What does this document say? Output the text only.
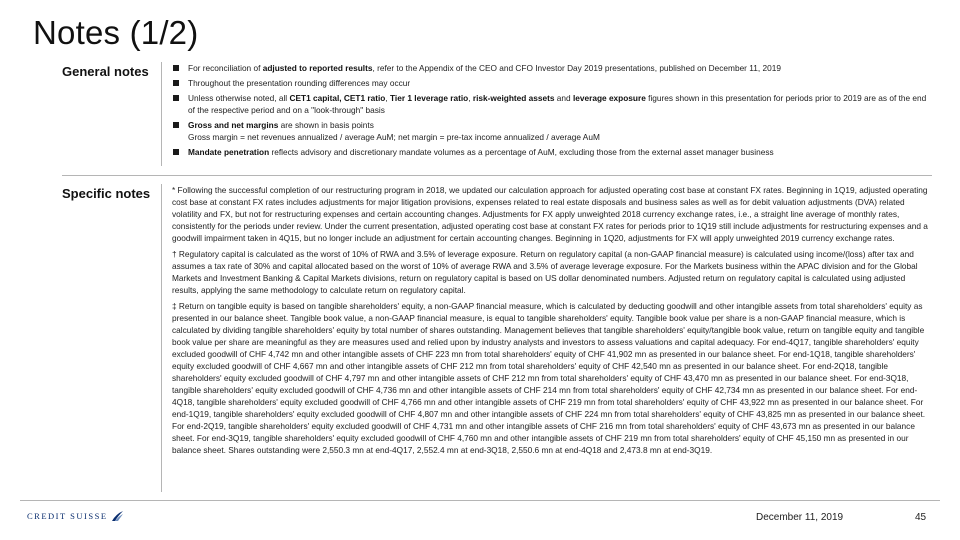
Notes (1/2)
General notes	For reconciliation of adjusted to reported results, refer to the Appendix of the CEO and CFO Investor Day 2019 presentations, published on December 11, 2019
Throughout the presentation rounding differences may occur
Unless otherwise noted, all CET1 capital, CET1 ratio, Tier 1 leverage ratio, risk-weighted assets and leverage exposure figures shown in this presentation for periods prior to 2019 are as of the end of the respective period and on a "look-through" basis
Gross and net margins are shown in basis points
Gross margin = net revenues annualized / average AuM; net margin = pre-tax income annualized / average AuM
Mandate penetration reflects advisory and discretionary mandate volumes as a percentage of AuM, excluding those from the external asset manager business
Specific notes	* Following the successful completion of our restructuring program in 2018, we updated our calculation approach for adjusted operating cost base at constant FX rates. Beginning in 1Q19, adjusted operating cost base at constant FX rates includes adjustments for major litigation provisions, expenses related to real estate disposals and business sales as well as for debit valuation adjustments (DVA) related volatility and FX, but not for restructuring expenses and certain accounting changes. Adjustments for FX apply unweighted 2018 currency exchange rates, i.e., a straight line average of monthly rates, consistently for the periods under review. Under the current presentation, adjusted operating cost base at constant FX rates for periods prior to 1Q19 still include adjustments for restructuring expenses and a goodwill impairment taken in 4Q15, but no longer include an adjustment for certain accounting changes. Beginning in 1Q20, adjustments for FX will apply unweighted 2019 currency exchange rates.

† Regulatory capital is calculated as the worst of 10% of RWA and 3.5% of leverage exposure. Return on regulatory capital (a non-GAAP financial measure) is calculated using income/(loss) after tax and assumes a tax rate of 30% and capital allocated based on the worst of 10% of average RWA and 3.5% of average leverage exposure. For the Markets business within the APAC division and for the Global Markets and Investment Banking & Capital Markets divisions, return on regulatory capital is based on US dollar denominated numbers. Adjusted return on regulatory capital is calculated using adjusted results, applying the same methodology to calculate return on regulatory capital.

‡ Return on tangible equity is based on tangible shareholders' equity, a non-GAAP financial measure, which is calculated by deducting goodwill and other intangible assets from total shareholders' equity as presented in our balance sheet. Tangible book value, a non-GAAP financial measure, is equal to tangible shareholders' equity. Tangible book value per share is a non-GAAP financial measure, which is calculated by dividing tangible shareholders' equity by total number of shares outstanding. Management believes that tangible shareholders' equity/tangible book value, return on tangible equity and tangible book value per share are meaningful as they are measures used and relied upon by industry analysts and investors to assess valuations and capital adequacy. For end-4Q17, tangible shareholders' equity excluded goodwill of CHF 4,742 mn and other intangible assets of CHF 223 mn from total shareholders' equity of CHF 41,902 mn as presented in our balance sheet. For end-1Q18, tangible shareholders' equity excluded goodwill of CHF 4,667 mn and other intangible assets of CHF 212 mn from total shareholders' equity of CHF 42,540 mn as presented in our balance sheet. For end-2Q18, tangible shareholders' equity excluded goodwill of CHF 4,797 mn and other intangible assets of CHF 212 mn from total shareholders' equity of CHF 43,470 mn as presented in our balance sheet. For end-3Q18, tangible shareholders' equity excluded goodwill of CHF 4,736 mn and other intangible assets of CHF 214 mn from total shareholders' equity of CHF 42,734 mn as presented in our balance sheet. For end-4Q18, tangible shareholders' equity excluded goodwill of CHF 4,766 mn and other intangible assets of CHF 219 mn from total shareholders' equity of CHF 43,922 mn as presented in our balance sheet. For end-1Q19, tangible shareholders' equity excluded goodwill of CHF 4,807 mn and other intangible assets of CHF 224 mn from total shareholders' equity of CHF 43,825 mn as presented in our balance sheet. For end-2Q19, tangible shareholders' equity excluded goodwill of CHF 4,731 mn and other intangible assets of CHF 216 mn from total shareholders' equity of CHF 43,673 mn as presented in our balance sheet. For end-3Q19, tangible shareholders' equity excluded goodwill of CHF 4,760 mn and other intangible assets of CHF 219 mn from total shareholders' equity of CHF 45,150 mn as presented in our balance sheet. Shares outstanding were 2,550.3 mn at end-4Q17, 2,552.4 mn at end-3Q18, 2,550.6 mn at end-4Q18 and 2,473.8 mn at end-3Q19.

CREDIT SUISSE	December 11, 2019	45
